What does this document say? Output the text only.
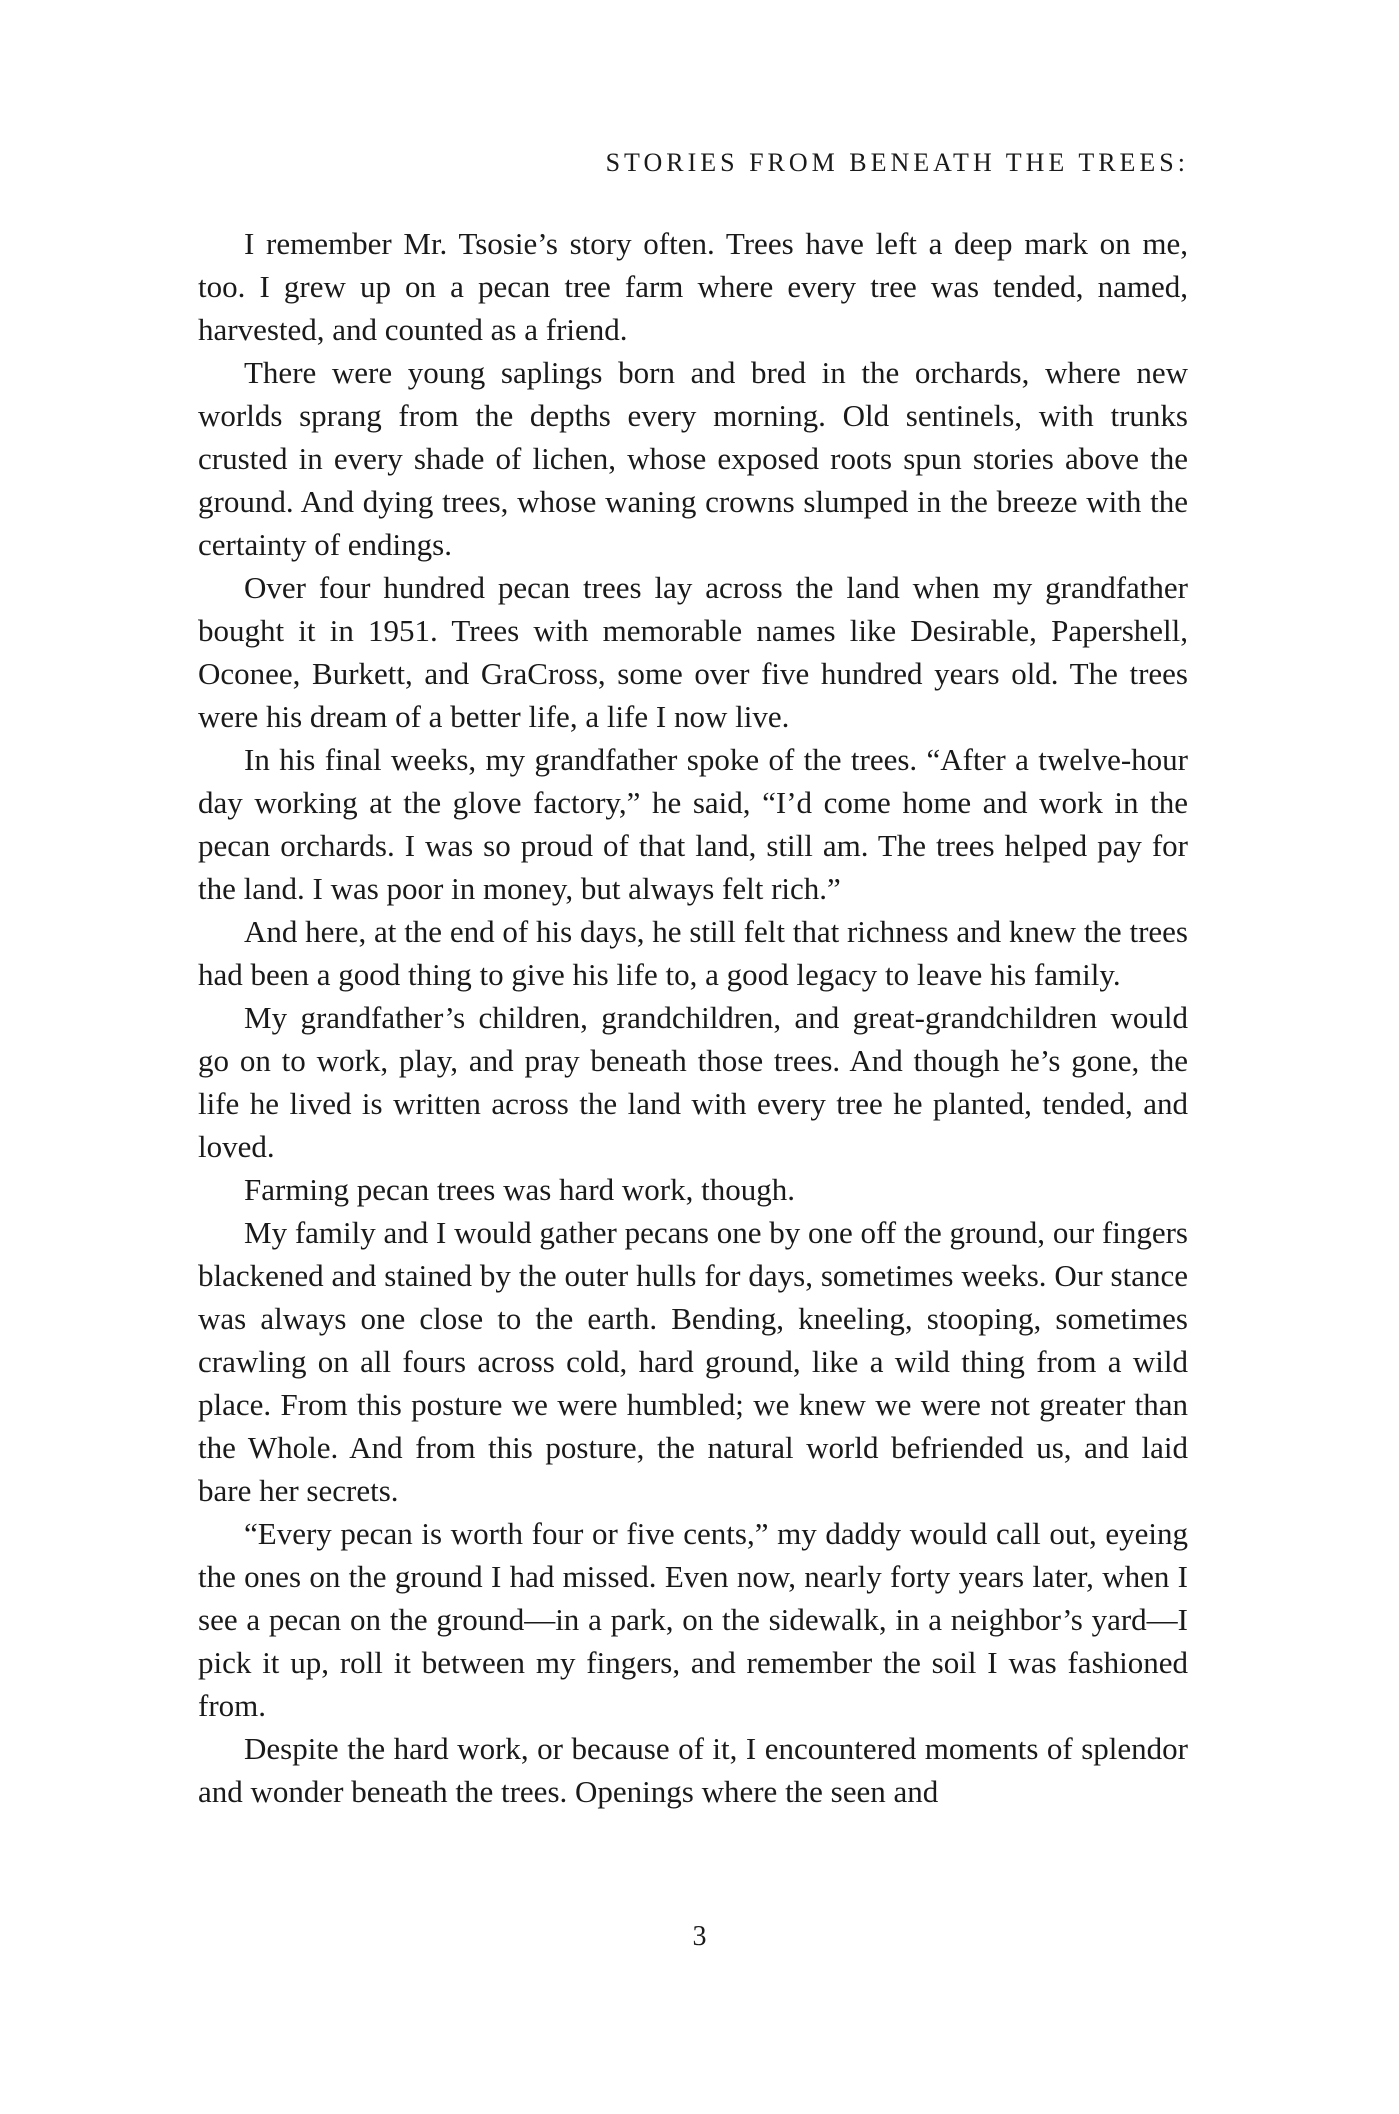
STORIES FROM BENEATH THE TREES:

I remember Mr. Tsosie’s story often. Trees have left a deep mark on me, too. I grew up on a pecan tree farm where every tree was tended, named, harvested, and counted as a friend.

There were young saplings born and bred in the orchards, where new worlds sprang from the depths every morning. Old sentinels, with trunks crusted in every shade of lichen, whose exposed roots spun stories above the ground. And dying trees, whose waning crowns slumped in the breeze with the certainty of endings.

Over four hundred pecan trees lay across the land when my grandfather bought it in 1951. Trees with memorable names like Desirable, Papershell, Oconee, Burkett, and GraCross, some over five hundred years old. The trees were his dream of a better life, a life I now live.

In his final weeks, my grandfather spoke of the trees. “After a twelve-hour day working at the glove factory,” he said, “I’d come home and work in the pecan orchards. I was so proud of that land, still am. The trees helped pay for the land. I was poor in money, but always felt rich.”

And here, at the end of his days, he still felt that richness and knew the trees had been a good thing to give his life to, a good legacy to leave his family.

My grandfather’s children, grandchildren, and great-grandchildren would go on to work, play, and pray beneath those trees. And though he’s gone, the life he lived is written across the land with every tree he planted, tended, and loved.

Farming pecan trees was hard work, though.

My family and I would gather pecans one by one off the ground, our fingers blackened and stained by the outer hulls for days, sometimes weeks. Our stance was always one close to the earth. Bending, kneeling, stooping, sometimes crawling on all fours across cold, hard ground, like a wild thing from a wild place. From this posture we were humbled; we knew we were not greater than the Whole. And from this posture, the natural world befriended us, and laid bare her secrets.

“Every pecan is worth four or five cents,” my daddy would call out, eyeing the ones on the ground I had missed. Even now, nearly forty years later, when I see a pecan on the ground—in a park, on the sidewalk, in a neighbor’s yard—I pick it up, roll it between my fingers, and remember the soil I was fashioned from.

Despite the hard work, or because of it, I encountered moments of splendor and wonder beneath the trees. Openings where the seen and

3
